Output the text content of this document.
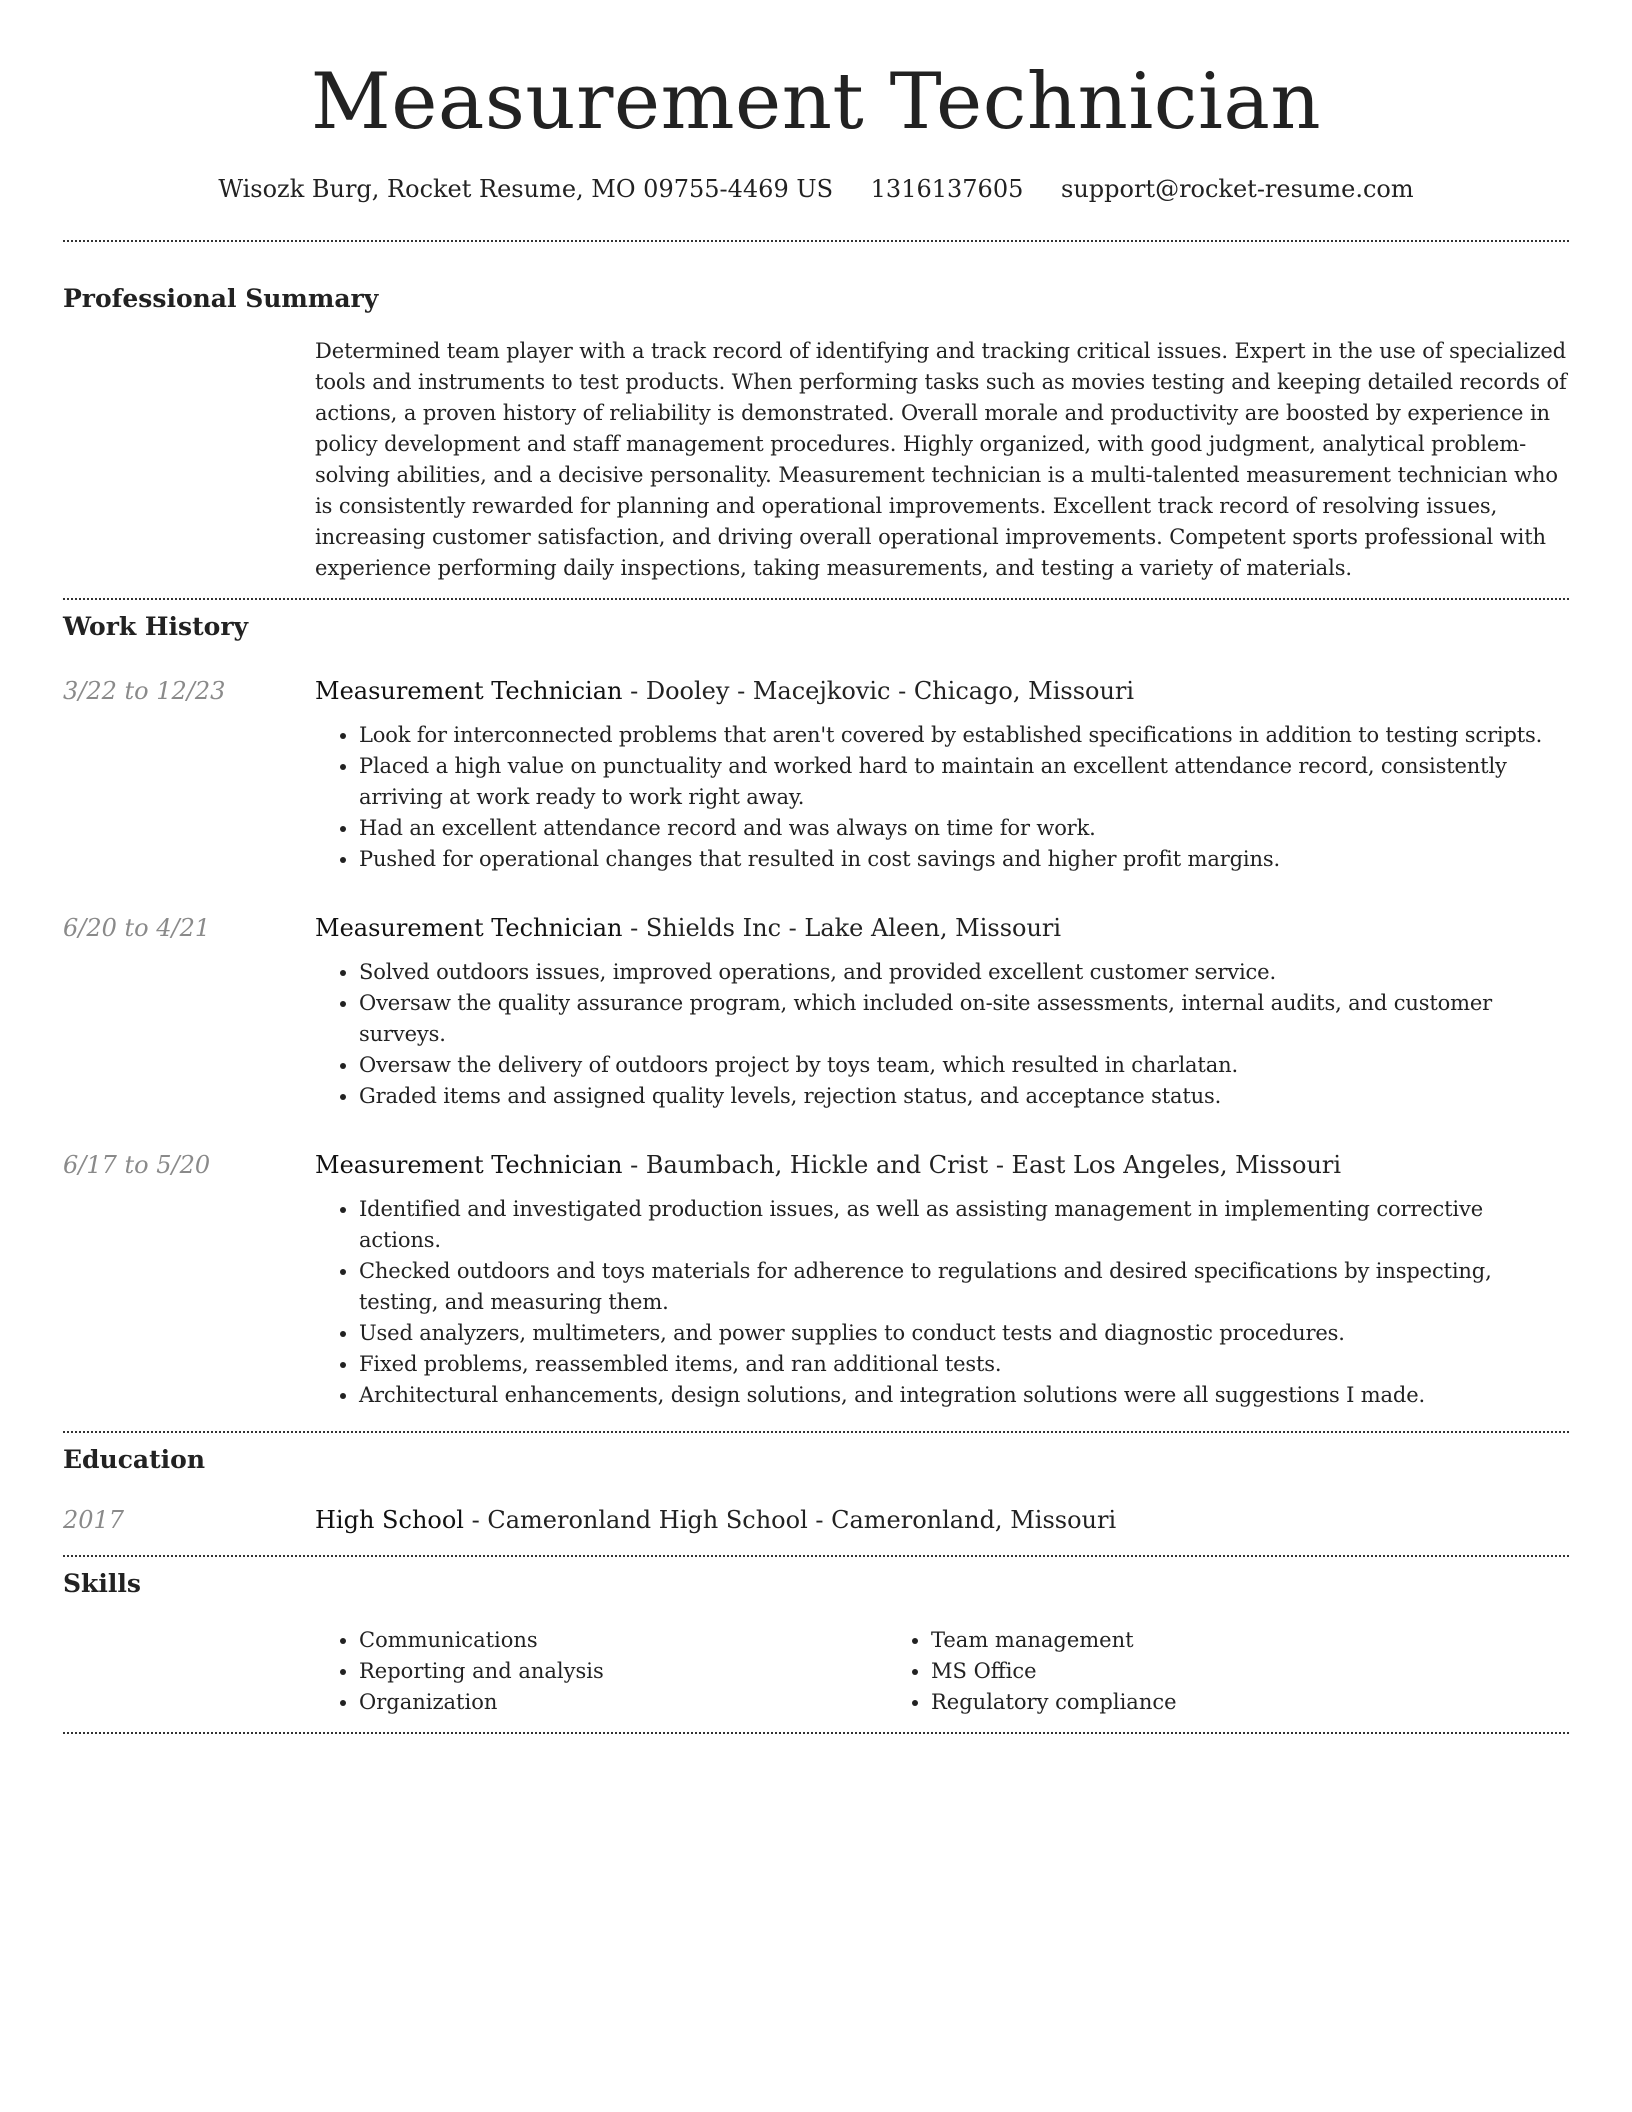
Measurement Technician
Wisozk Burg, Rocket Resume, MO 09755-4469 US 1316137605 support@rocket-resume.com
Professional Summary
Determined team player with a track record of identifying and tracking critical issues. Expert in the use of specialized tools and instruments to test products. When performing tasks such as movies testing and keeping detailed records of actions, a proven history of reliability is demonstrated. Overall morale and productivity are boosted by experience in policy development and staff management procedures. Highly organized, with good judgment, analytical problem-solving abilities, and a decisive personality. Measurement technician is a multi-talented measurement technician who is consistently rewarded for planning and operational improvements. Excellent track record of resolving issues, increasing customer satisfaction, and driving overall operational improvements. Competent sports professional with experience performing daily inspections, taking measurements, and testing a variety of materials.
Work History
3/22 to 12/23	Measurement Technician - Dooley - Macejkovic - Chicago, Missouri
• Look for interconnected problems that aren't covered by established specifications in addition to testing scripts.
• Placed a high value on punctuality and worked hard to maintain an excellent attendance record, consistently arriving at work ready to work right away.
• Had an excellent attendance record and was always on time for work.
• Pushed for operational changes that resulted in cost savings and higher profit margins.
6/20 to 4/21	Measurement Technician - Shields Inc - Lake Aleen, Missouri
• Solved outdoors issues, improved operations, and provided excellent customer service.
• Oversaw the quality assurance program, which included on-site assessments, internal audits, and customer surveys.
• Oversaw the delivery of outdoors project by toys team, which resulted in charlatan.
• Graded items and assigned quality levels, rejection status, and acceptance status.
6/17 to 5/20	Measurement Technician - Baumbach, Hickle and Crist - East Los Angeles, Missouri
• Identified and investigated production issues, as well as assisting management in implementing corrective actions.
• Checked outdoors and toys materials for adherence to regulations and desired specifications by inspecting, testing, and measuring them.
• Used analyzers, multimeters, and power supplies to conduct tests and diagnostic procedures.
• Fixed problems, reassembled items, and ran additional tests.
• Architectural enhancements, design solutions, and integration solutions were all suggestions I made.
Education
2017	High School - Cameronland High School - Cameronland, Missouri
Skills
• Communications
• Reporting and analysis
• Organization
• Team management
• MS Office
• Regulatory compliance
